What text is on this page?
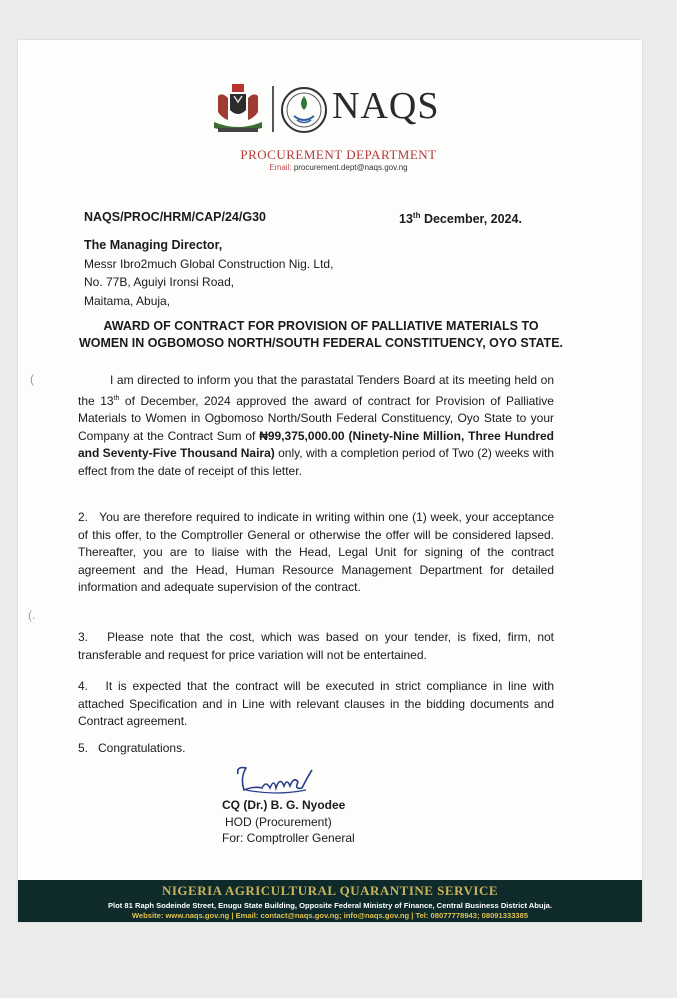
NAQS
PROCUREMENT DEPARTMENT
Email: procurement.dept@naqs.gov.ng
NAQS/PROC/HRM/CAP/24/G30	13th December, 2024.
The Managing Director,
Messr Ibro2much Global Construction Nig. Ltd,
No. 77B, Aguiyi Ironsi Road,
Maitama, Abuja,
AWARD OF CONTRACT FOR PROVISION OF PALLIATIVE MATERIALS TO WOMEN IN OGBOMOSO NORTH/SOUTH FEDERAL CONSTITUENCY, OYO STATE.
I am directed to inform you that the parastatal Tenders Board at its meeting held on the 13th of December, 2024 approved the award of contract for Provision of Palliative Materials to Women in Ogbomoso North/South Federal Constituency, Oyo State to your Company at the Contract Sum of ₦99,375,000.00 (Ninety-Nine Million, Three Hundred and Seventy-Five Thousand Naira) only, with a completion period of Two (2) weeks with effect from the date of receipt of this letter.
2.   You are therefore required to indicate in writing within one (1) week, your acceptance of this offer, to the Comptroller General or otherwise the offer will be considered lapsed. Thereafter, you are to liaise with the Head, Legal Unit for signing of the contract agreement and the Head, Human Resource Management Department for detailed information and adequate supervision of the contract.
3.   Please note that the cost, which was based on your tender, is fixed, firm, not transferable and request for price variation will not be entertained.
4.   It is expected that the contract will be executed in strict compliance in line with attached Specification and in Line with relevant clauses in the bidding documents and Contract agreement.
5.   Congratulations.
(
(.
CQ (Dr.) B. G. Nyodee
HOD (Procurement)
For: Comptroller General
NIGERIA AGRICULTURAL QUARANTINE SERVICE
Plot 81 Raph Sodeinde Street, Enugu State Building, Opposite Federal Ministry of Finance, Central Business District Abuja.
Website: www.naqs.gov.ng | Email: contact@naqs.gov.ng; info@naqs.gov.ng | Tel: 08077778943; 08091333385
